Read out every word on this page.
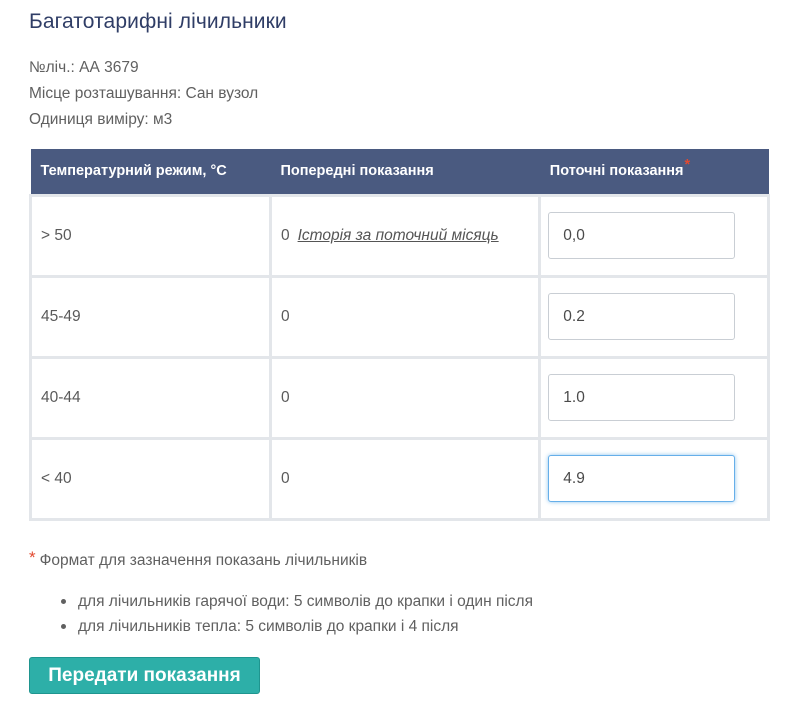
Багатотарифні лічильники
№ліч.: АА 3679
Місце розташування: Сан вузол
Одиниця виміру: м3
Температурний режим, °C	Попередні показання	Поточні показання*
> 50	0 Історія за поточний місяць	0,0
45-49	0	0.2
40-44	0	1.0
< 40	0	4.9
* Формат для зазначення показань лічильників
для лічильників гарячої води: 5 символів до крапки і один після
для лічильників тепла: 5 символів до крапки і 4 після
Передати показання
